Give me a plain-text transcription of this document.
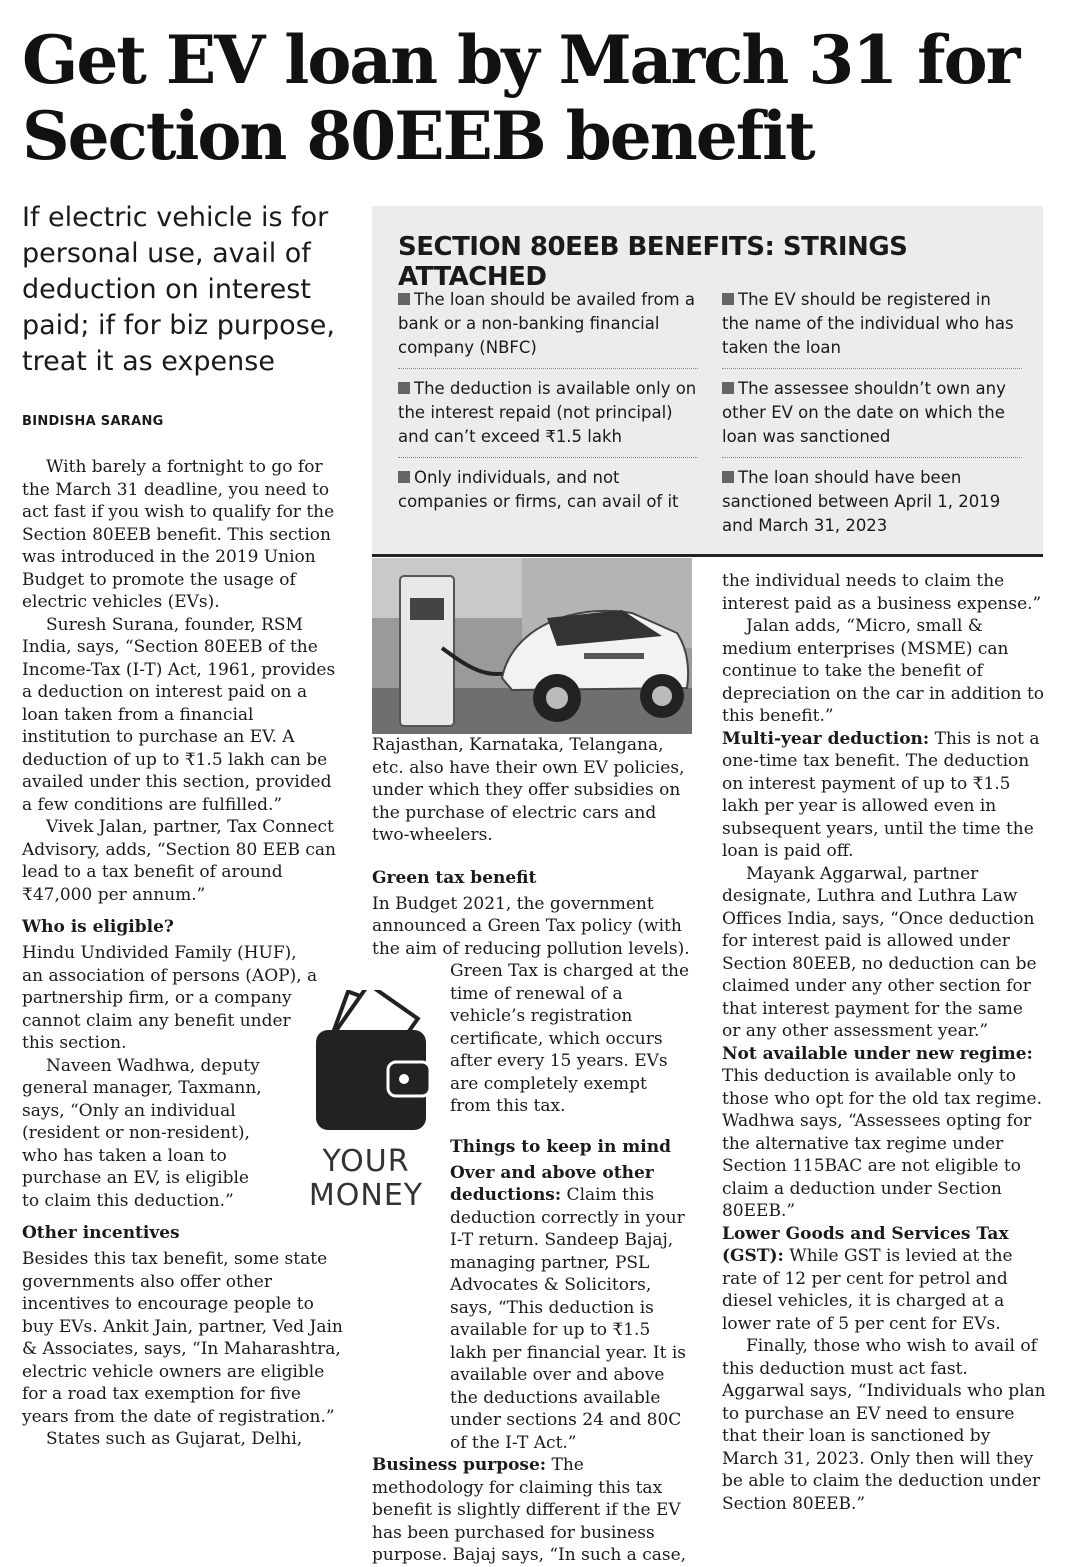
Get EV loan by March 31 for Section 80EEB benefit
If electric vehicle is for personal use, avail of deduction on interest paid; if for biz purpose, treat it as expense
BINDISHA SARANG
SECTION 80EEB BENEFITS: STRINGS ATTACHED
The loan should be availed from a bank or a non-banking financial company (NBFC)
The deduction is available only on the interest repaid (not principal) and can’t exceed ₹1.5 lakh
Only individuals, and not companies or firms, can avail of it
The EV should be registered in the name of the individual who has taken the loan
The assessee shouldn’t own any other EV on the date on which the loan was sanctioned
The loan should have been sanctioned between April 1, 2019 and March 31, 2023

With barely a fortnight to go for the March 31 deadline, you need to act fast if you wish to qualify for the Section 80EEB benefit. This section was introduced in the 2019 Union Budget to promote the usage of electric vehicles (EVs).

Suresh Surana, founder, RSM India, says, “Section 80EEB of the Income-Tax (I-T) Act, 1961, provides a deduction on interest paid on a loan taken from a financial institution to purchase an EV. A deduction of up to ₹1.5 lakh can be availed under this section, provided a few conditions are fulfilled.”

Vivek Jalan, partner, Tax Connect Advisory, adds, “Section 80 EEB can lead to a tax benefit of around ₹47,000 per annum.”

Who is eligible?

Hindu Undivided Family (HUF), an association of persons (AOP), a partnership firm, or a company cannot claim any benefit under this section.

Naveen Wadhwa, deputy general manager, Taxmann, says, “Only an individual (resident or non-resident), who has taken a loan to purchase an EV, is eligible to claim this deduction.”

Other incentives

Besides this tax benefit, some state governments also offer other incentives to encourage people to buy EVs. Ankit Jain, partner, Ved Jain & Associates, says, “In Maharashtra, electric vehicle owners are eligible for a road tax exemption for five years from the date of registration.”

States such as Gujarat, Delhi,

YOUR
MONEY

Rajasthan, Karnataka, Telangana, etc. also have their own EV policies, under which they offer subsidies on the purchase of electric cars and two-wheelers.

Green tax benefit

In Budget 2021, the government announced a Green Tax policy (with the aim of reducing pollution levels).

Green Tax is charged at the time of renewal of a vehicle’s registration certificate, which occurs after every 15 years. EVs are completely exempt from this tax.

Things to keep in mind

Over and above other deductions: Claim this deduction correctly in your I-T return. Sandeep Bajaj, managing partner, PSL Advocates & Solicitors, says, “This deduction is available for up to ₹1.5 lakh per financial year. It is available over and above the deductions available under sections 24 and 80C of the I-T Act.”

Business purpose: The methodology for claiming this tax benefit is slightly different if the EV has been purchased for business purpose. Bajaj says, “In such a case,

the individual needs to claim the interest paid as a business expense.”

Jalan adds, “Micro, small & medium enterprises (MSME) can continue to take the benefit of depreciation on the car in addition to this benefit.”

Multi-year deduction: This is not a one-time tax benefit. The deduction on interest payment of up to ₹1.5 lakh per year is allowed even in subsequent years, until the time the loan is paid off.

Mayank Aggarwal, partner designate, Luthra and Luthra Law Offices India, says, “Once deduction for interest paid is allowed under Section 80EEB, no deduction can be claimed under any other section for that interest payment for the same or any other assessment year.”

Not available under new regime: This deduction is available only to those who opt for the old tax regime. Wadhwa says, “Assessees opting for the alternative tax regime under Section 115BAC are not eligible to claim a deduction under Section 80EEB.”

Lower Goods and Services Tax (GST): While GST is levied at the rate of 12 per cent for petrol and diesel vehicles, it is charged at a lower rate of 5 per cent for EVs.

Finally, those who wish to avail of this deduction must act fast. Aggarwal says, “Individuals who plan to purchase an EV need to ensure that their loan is sanctioned by March 31, 2023. Only then will they be able to claim the deduction under Section 80EEB.”
